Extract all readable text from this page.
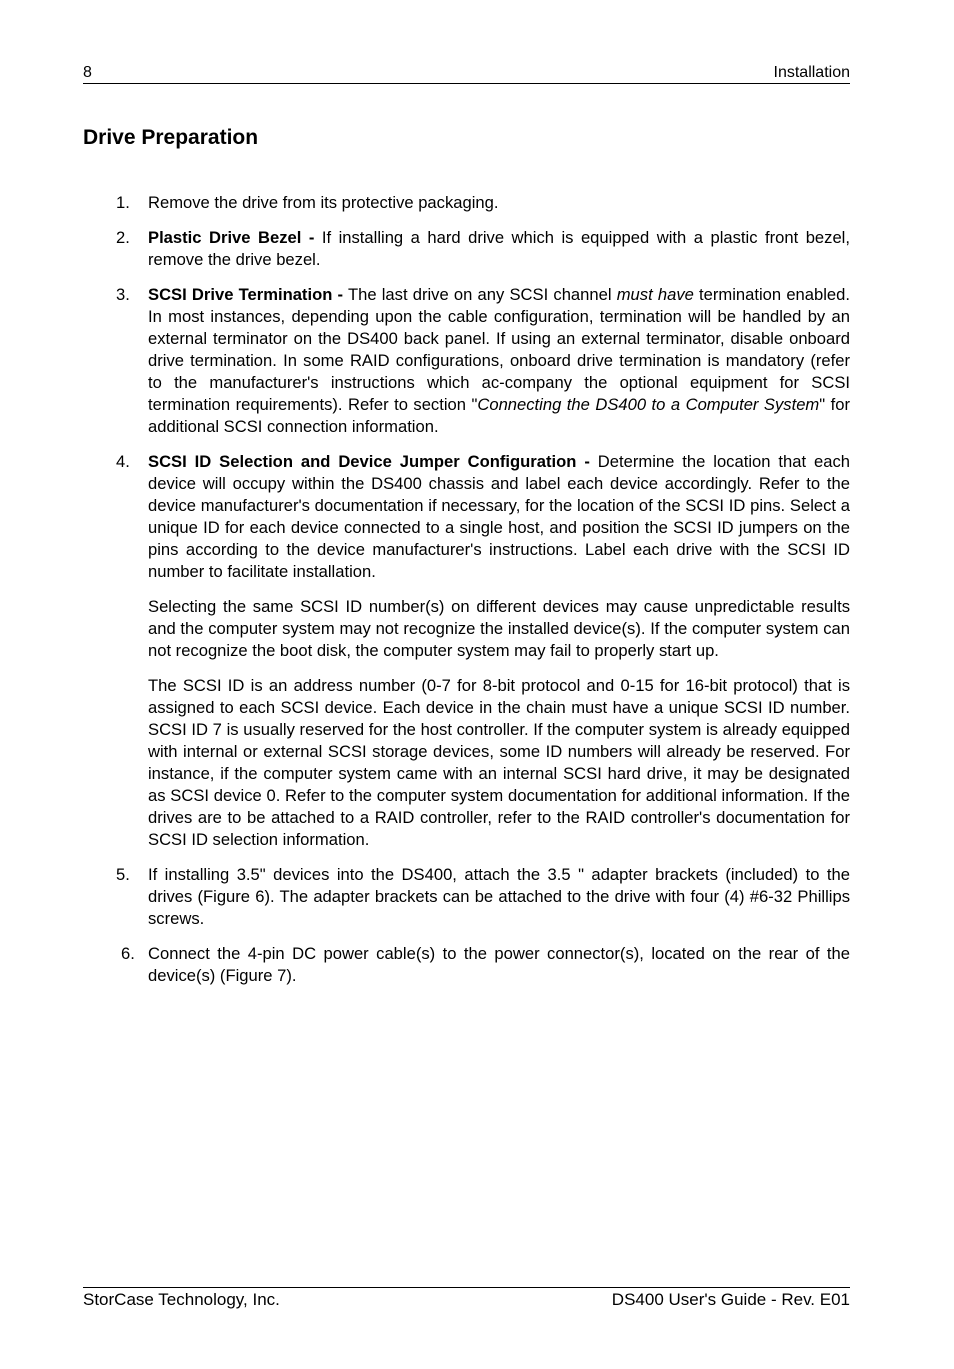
8	Installation
Drive Preparation
1. Remove the drive from its protective packaging.

2. Plastic Drive Bezel - If installing a hard drive which is equipped with a plastic front bezel, remove the drive bezel.

3. SCSI Drive Termination - The last drive on any SCSI channel must have termination enabled. In most instances, depending upon the cable configuration, termination will be handled by an external terminator on the DS400 back panel. If using an external terminator, disable onboard drive termination. In some RAID configurations, onboard drive termination is mandatory (refer to the manufacturer's instructions which ac-company the optional equipment for SCSI termination requirements). Refer to section "Connecting the DS400 to a Computer System" for additional SCSI connection information.

4. SCSI ID Selection and Device Jumper Configuration - Determine the location that each device will occupy within the DS400 chassis and label each device accordingly. Refer to the device manufacturer's documentation if necessary, for the location of the SCSI ID pins. Select a unique ID for each device connected to a single host, and position the SCSI ID jumpers on the pins according to the device manufacturer's instructions. Label each drive with the SCSI ID number to facilitate installation.

Selecting the same SCSI ID number(s) on different devices may cause unpredictable results and the computer system may not recognize the installed device(s). If the computer system can not recognize the boot disk, the computer system may fail to properly start up.

The SCSI ID is an address number (0-7 for 8-bit protocol and 0-15 for 16-bit protocol) that is assigned to each SCSI device. Each device in the chain must have a unique SCSI ID number. SCSI ID 7 is usually reserved for the host controller. If the computer system is already equipped with internal or external SCSI storage devices, some ID numbers will already be reserved. For instance, if the computer system came with an internal SCSI hard drive, it may be designated as SCSI device 0. Refer to the computer system documentation for additional information. If the drives are to be attached to a RAID controller, refer to the RAID controller's documentation for SCSI ID selection information.

5. If installing 3.5" devices into the DS400, attach the 3.5 " adapter brackets (included) to the drives (Figure 6). The adapter brackets can be attached to the drive with four (4) #6-32 Phillips screws.

6. Connect the 4-pin DC power cable(s) to the power connector(s), located on the rear of the device(s) (Figure 7).

StorCase Technology, Inc.	DS400 User's Guide - Rev. E01
